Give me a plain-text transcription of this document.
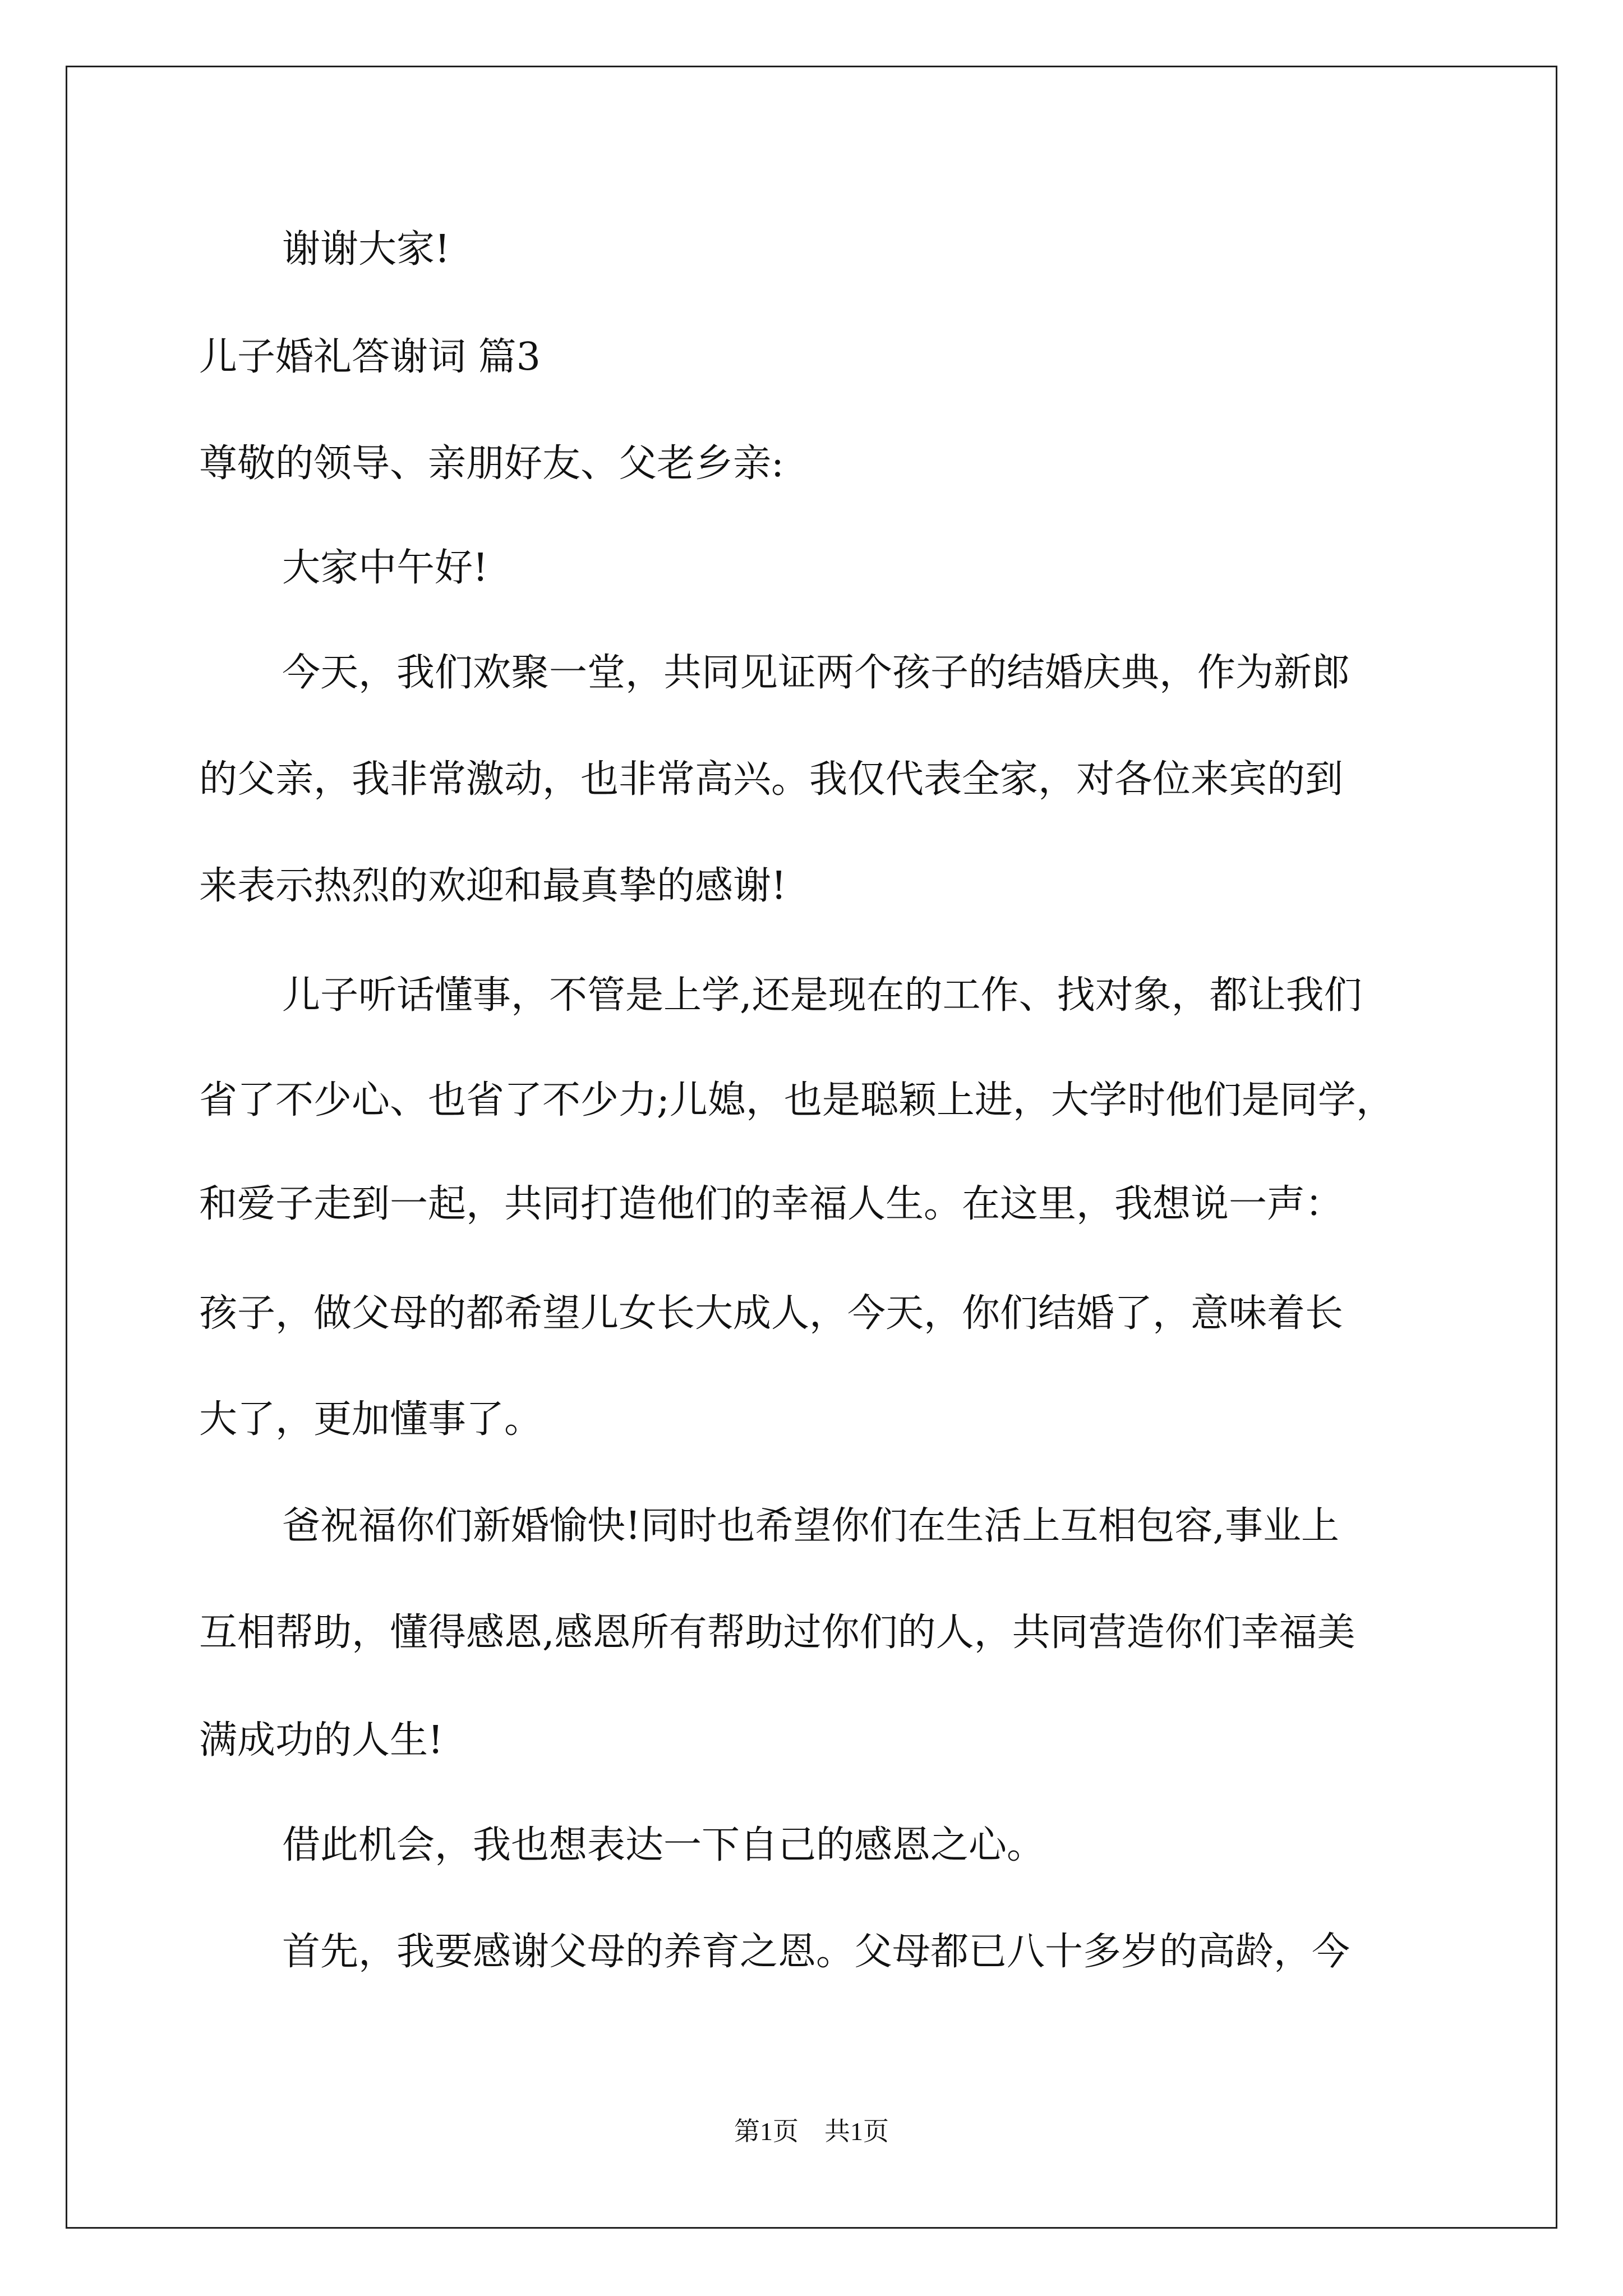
谢谢大家!

儿子婚礼答谢词 篇3

尊敬的领导、亲朋好友、父老乡亲:

大家中午好!

今天，我们欢聚一堂，共同见证两个孩子的结婚庆典，作为新郎

的父亲，我非常激动，也非常高兴。我仅代表全家，对各位来宾的到

来表示热烈的欢迎和最真挚的感谢!

儿子听话懂事，不管是上学,还是现在的工作、找对象，都让我们

省了不少心、也省了不少力;儿媳，也是聪颖上进，大学时他们是同学，

和爱子走到一起，共同打造他们的幸福人生。在这里，我想说一声：

孩子，做父母的都希望儿女长大成人，今天，你们结婚了，意味着长

大了，更加懂事了。

爸祝福你们新婚愉快!同时也希望你们在生活上互相包容,事业上

互相帮助，懂得感恩,感恩所有帮助过你们的人，共同营造你们幸福美

满成功的人生!

借此机会，我也想表达一下自己的感恩之心。

首先，我要感谢父母的养育之恩。父母都已八十多岁的高龄，今

第1页　共1页
